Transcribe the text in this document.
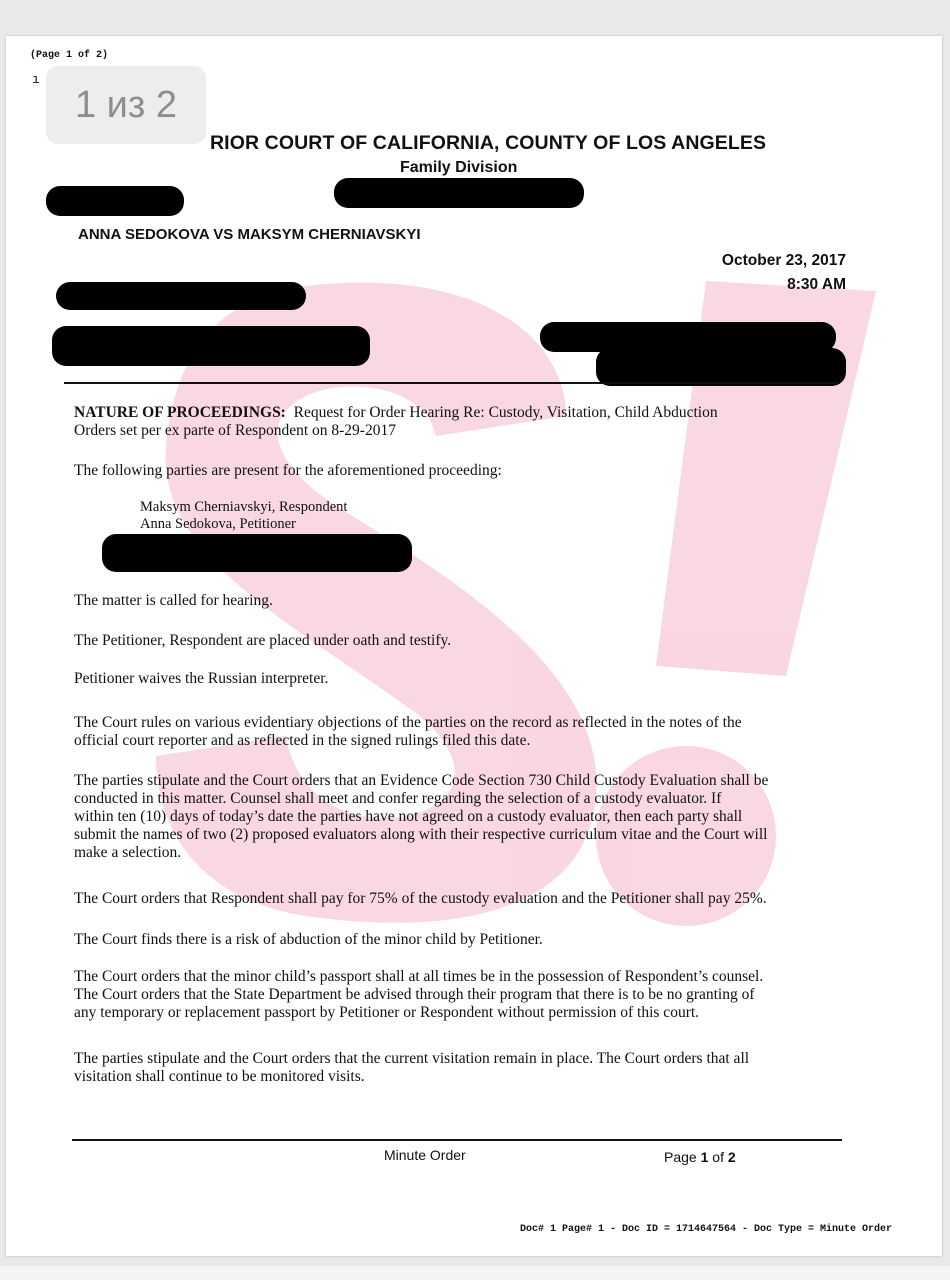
(Page 1 of 2)
ı
RIOR COURT OF CALIFORNIA, COUNTY OF LOS ANGELES
Family Division
ANNA SEDOKOVA VS MAKSYM CHERNIAVSKYI
October 23, 2017
8:30 AM
NATURE OF PROCEEDINGS: Request for Order Hearing Re: Custody, Visitation, Child Abduction
Orders set per ex parte of Respondent on 8-29-2017
The following parties are present for the aforementioned proceeding:
Maksym Cherniavskyi, Respondent
Anna Sedokova, Petitioner
The matter is called for hearing.
The Petitioner, Respondent are placed under oath and testify.
Petitioner waives the Russian interpreter.
The Court rules on various evidentiary objections of the parties on the record as reflected in the notes of the
official court reporter and as reflected in the signed rulings filed this date.
The parties stipulate and the Court orders that an Evidence Code Section 730 Child Custody Evaluation shall be
conducted in this matter. Counsel shall meet and confer regarding the selection of a custody evaluator. If
within ten (10) days of today’s date the parties have not agreed on a custody evaluator, then each party shall
submit the names of two (2) proposed evaluators along with their respective curriculum vitae and the Court will
make a selection.
The Court orders that Respondent shall pay for 75% of the custody evaluation and the Petitioner shall pay 25%.
The Court finds there is a risk of abduction of the minor child by Petitioner.
The Court orders that the minor child’s passport shall at all times be in the possession of Respondent’s counsel.
The Court orders that the State Department be advised through their program that there is to be no granting of
any temporary or replacement passport by Petitioner or Respondent without permission of this court.
The parties stipulate and the Court orders that the current visitation remain in place. The Court orders that all
visitation shall continue to be monitored visits.
Minute Order	Page 1 of 2
Doc# 1 Page# 1 - Doc ID = 1714647564 - Doc Type = Minute Order
1 из 2
